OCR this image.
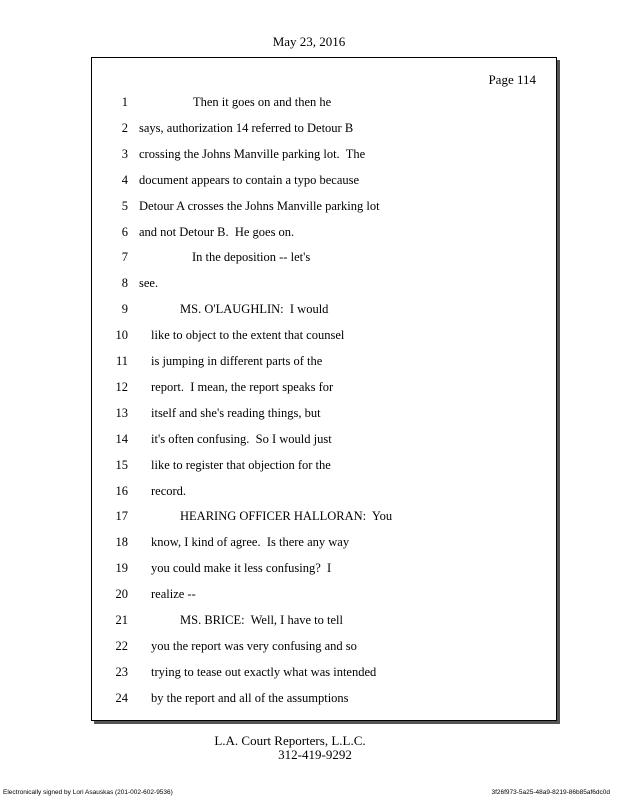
May 23, 2016
Page 114
1	Then it goes on and then he
2 says, authorization 14 referred to Detour B
3 crossing the Johns Manville parking lot.  The
4 document appears to contain a typo because
5 Detour A crosses the Johns Manville parking lot
6 and not Detour B.  He goes on.
7	In the deposition -- let's
8 see.
9	MS. O'LAUGHLIN:  I would
10 like to object to the extent that counsel
11 is jumping in different parts of the
12 report.  I mean, the report speaks for
13 itself and she's reading things, but
14 it's often confusing.  So I would just
15 like to register that objection for the
16 record.
17	HEARING OFFICER HALLORAN:  You
18 know, I kind of agree.  Is there any way
19 you could make it less confusing?  I
20 realize --
21	MS. BRICE:  Well, I have to tell
22 you the report was very confusing and so
23 trying to tease out exactly what was intended
24 by the report and all of the assumptions
L.A. Court Reporters, L.L.C.
312-419-9292
Electronically signed by Lori Asauskas (201-002-602-9536)	3f26f973-5a25-48a9-8219-86b85af6dc0d
